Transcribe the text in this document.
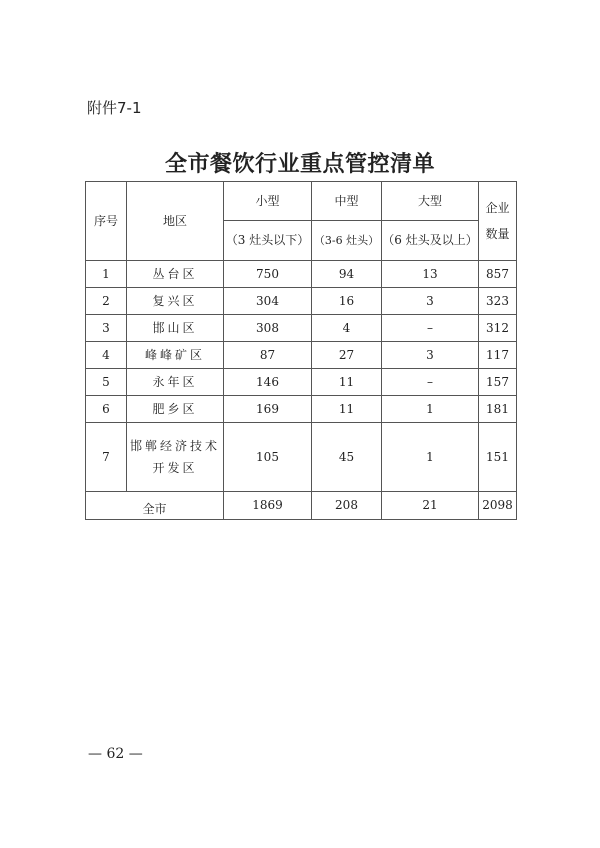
附件7-1
全市餐饮行业重点管控清单
序号	地区	小型	中型	大型	企业
数量
		（3 灶头以下）	（3-6 灶头）	（6 灶头及以上）	
1	丛台区	750	94	13	857
2	复兴区	304	16	3	323
3	邯山区	308	4	–	312
4	峰峰矿区	87	27	3	117
5	永年区	146	11	–	157
6	肥乡区	169	11	1	181
7	邯郸经济技术
开发区	105	45	1	151
全市		1869	208	21	2098
— 62 —
